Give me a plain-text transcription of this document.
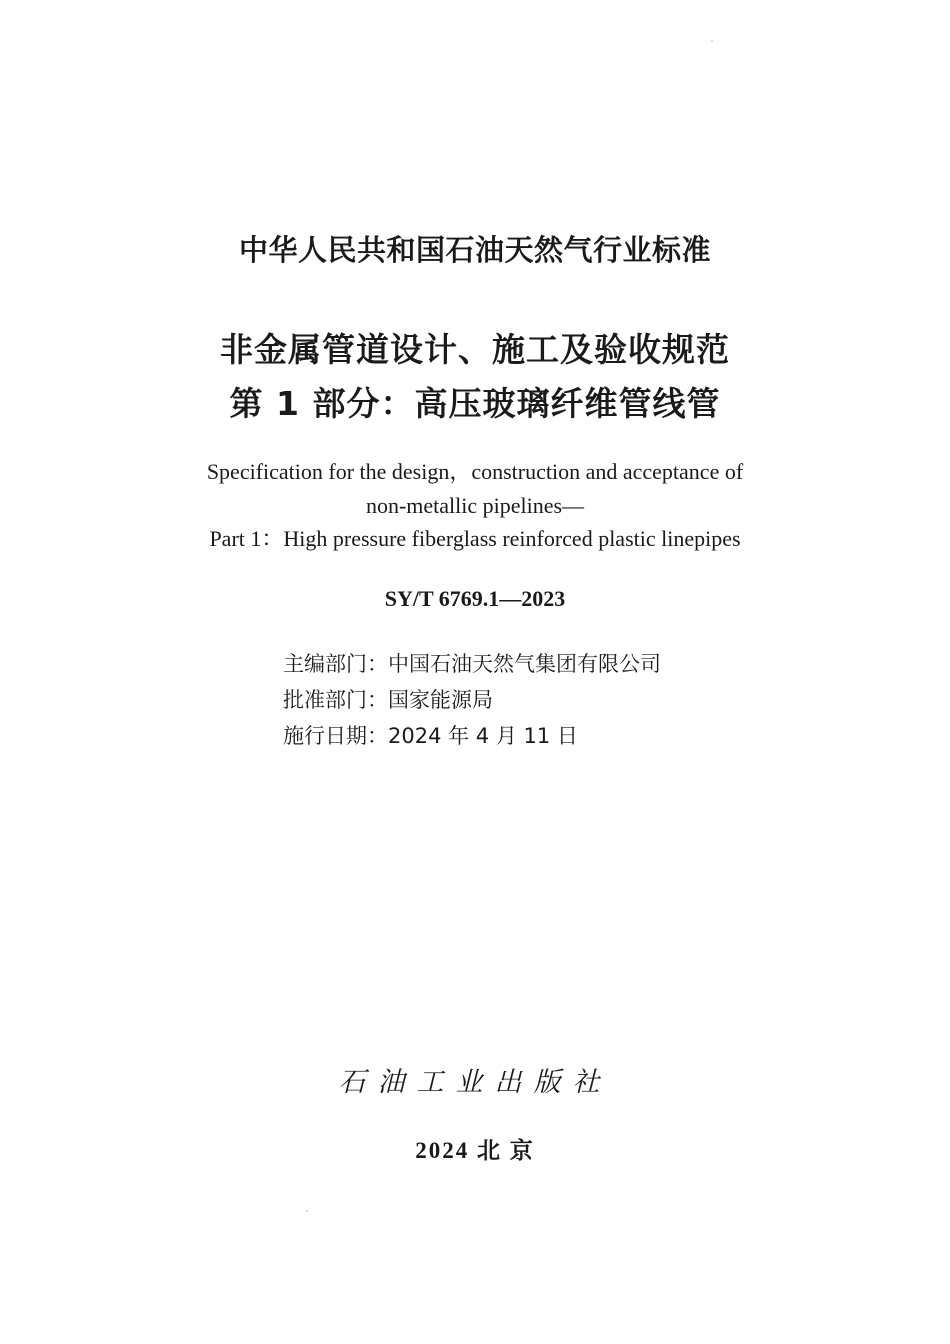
中华人民共和国石油天然气行业标准
非金属管道设计、施工及验收规范
第 1 部分：高压玻璃纤维管线管
Specification for the design，construction and acceptance of
non-metallic pipelines—
Part 1：High pressure fiberglass reinforced plastic linepipes
SY/T 6769.1—2023
主编部门：中国石油天然气集团有限公司
批准部门：国家能源局
施行日期：2024 年 4 月 11 日
石油工业出版社
2024 北 京
